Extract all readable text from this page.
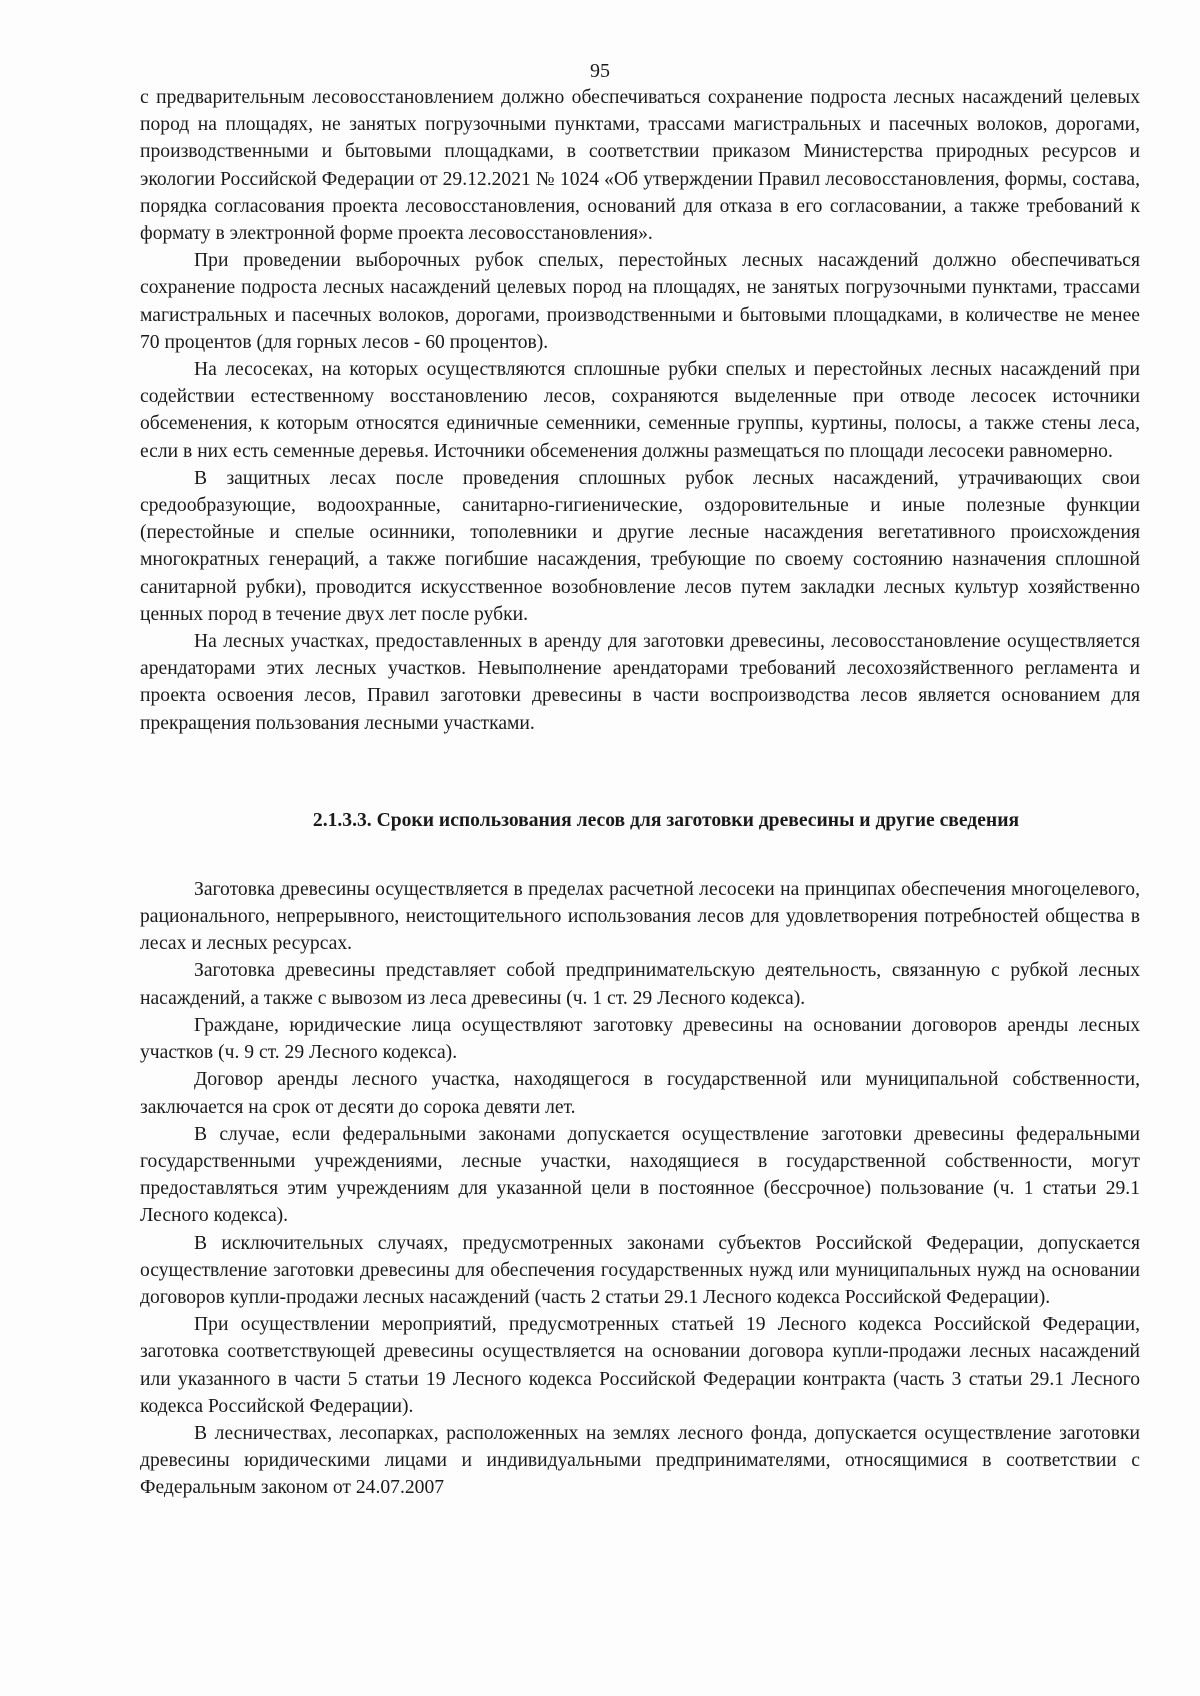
95

с предварительным лесовосстановлением должно обеспечиваться сохранение подроста лесных насаждений целевых пород на площадях, не занятых погрузочными пунктами, трассами магистральных и пасечных волоков, дорогами, производственными и бытовыми площадками, в соответствии приказом Министерства природных ресурсов и экологии Российской Федерации от 29.12.2021 № 1024 «Об утверждении Правил лесовосстановления, формы, состава, порядка согласования проекта лесовосстановления, оснований для отказа в его согласовании, а также требований к формату в электронной форме проекта лесовосстановления».

При проведении выборочных рубок спелых, перестойных лесных насаждений должно обеспечиваться сохранение подроста лесных насаждений целевых пород на площадях, не занятых погрузочными пунктами, трассами магистральных и пасечных волоков, дорогами, производственными и бытовыми площадками, в количестве не менее 70 процентов (для горных лесов - 60 процентов).

На лесосеках, на которых осуществляются сплошные рубки спелых и перестойных лесных насаждений при содействии естественному восстановлению лесов, сохраняются выделенные при отводе лесосек источники обсеменения, к которым относятся единичные семенники, семенные группы, куртины, полосы, а также стены леса, если в них есть семенные деревья. Источники обсеменения должны размещаться по площади лесосеки равномерно.

В защитных лесах после проведения сплошных рубок лесных насаждений, утрачивающих свои средообразующие, водоохранные, санитарно-гигиенические, оздоровительные и иные полезные функции (перестойные и спелые осинники, тополевники и другие лесные насаждения вегетативного происхождения многократных генераций, а также погибшие насаждения, требующие по своему состоянию назначения сплошной санитарной рубки), проводится искусственное возобновление лесов путем закладки лесных культур хозяйственно ценных пород в течение двух лет после рубки.

На лесных участках, предоставленных в аренду для заготовки древесины, лесовосстановление осуществляется арендаторами этих лесных участков. Невыполнение арендаторами требований лесохозяйственного регламента и проекта освоения лесов, Правил заготовки древесины в части воспроизводства лесов является основанием для прекращения пользования лесными участками.

2.1.3.3. Сроки использования лесов для заготовки древесины и другие сведения

Заготовка древесины осуществляется в пределах расчетной лесосеки на принципах обеспечения многоцелевого, рационального, непрерывного, неистощительного использования лесов для удовлетворения потребностей общества в лесах и лесных ресурсах.

Заготовка древесины представляет собой предпринимательскую деятельность, связанную с рубкой лесных насаждений, а также с вывозом из леса древесины (ч. 1 ст. 29 Лесного кодекса).

Граждане, юридические лица осуществляют заготовку древесины на основании договоров аренды лесных участков (ч. 9 ст. 29 Лесного кодекса).

Договор аренды лесного участка, находящегося в государственной или муниципальной собственности, заключается на срок от десяти до сорока девяти лет.

В случае, если федеральными законами допускается осуществление заготовки древесины федеральными государственными учреждениями, лесные участки, находящиеся в государственной собственности, могут предоставляться этим учреждениям для указанной цели в постоянное (бессрочное) пользование (ч. 1 статьи 29.1 Лесного кодекса).

В исключительных случаях, предусмотренных законами субъектов Российской Федерации, допускается осуществление заготовки древесины для обеспечения государственных нужд или муниципальных нужд на основании договоров купли-продажи лесных насаждений (часть 2 статьи 29.1 Лесного кодекса Российской Федерации).

При осуществлении мероприятий, предусмотренных статьей 19 Лесного кодекса Российской Федерации, заготовка соответствующей древесины осуществляется на основании договора купли-продажи лесных насаждений или указанного в части 5 статьи 19 Лесного кодекса Российской Федерации контракта (часть 3 статьи 29.1 Лесного кодекса Российской Федерации).

В лесничествах, лесопарках, расположенных на землях лесного фонда, допускается осуществление заготовки древесины юридическими лицами и индивидуальными предпринимателями, относящимися в соответствии с Федеральным законом от 24.07.2007
